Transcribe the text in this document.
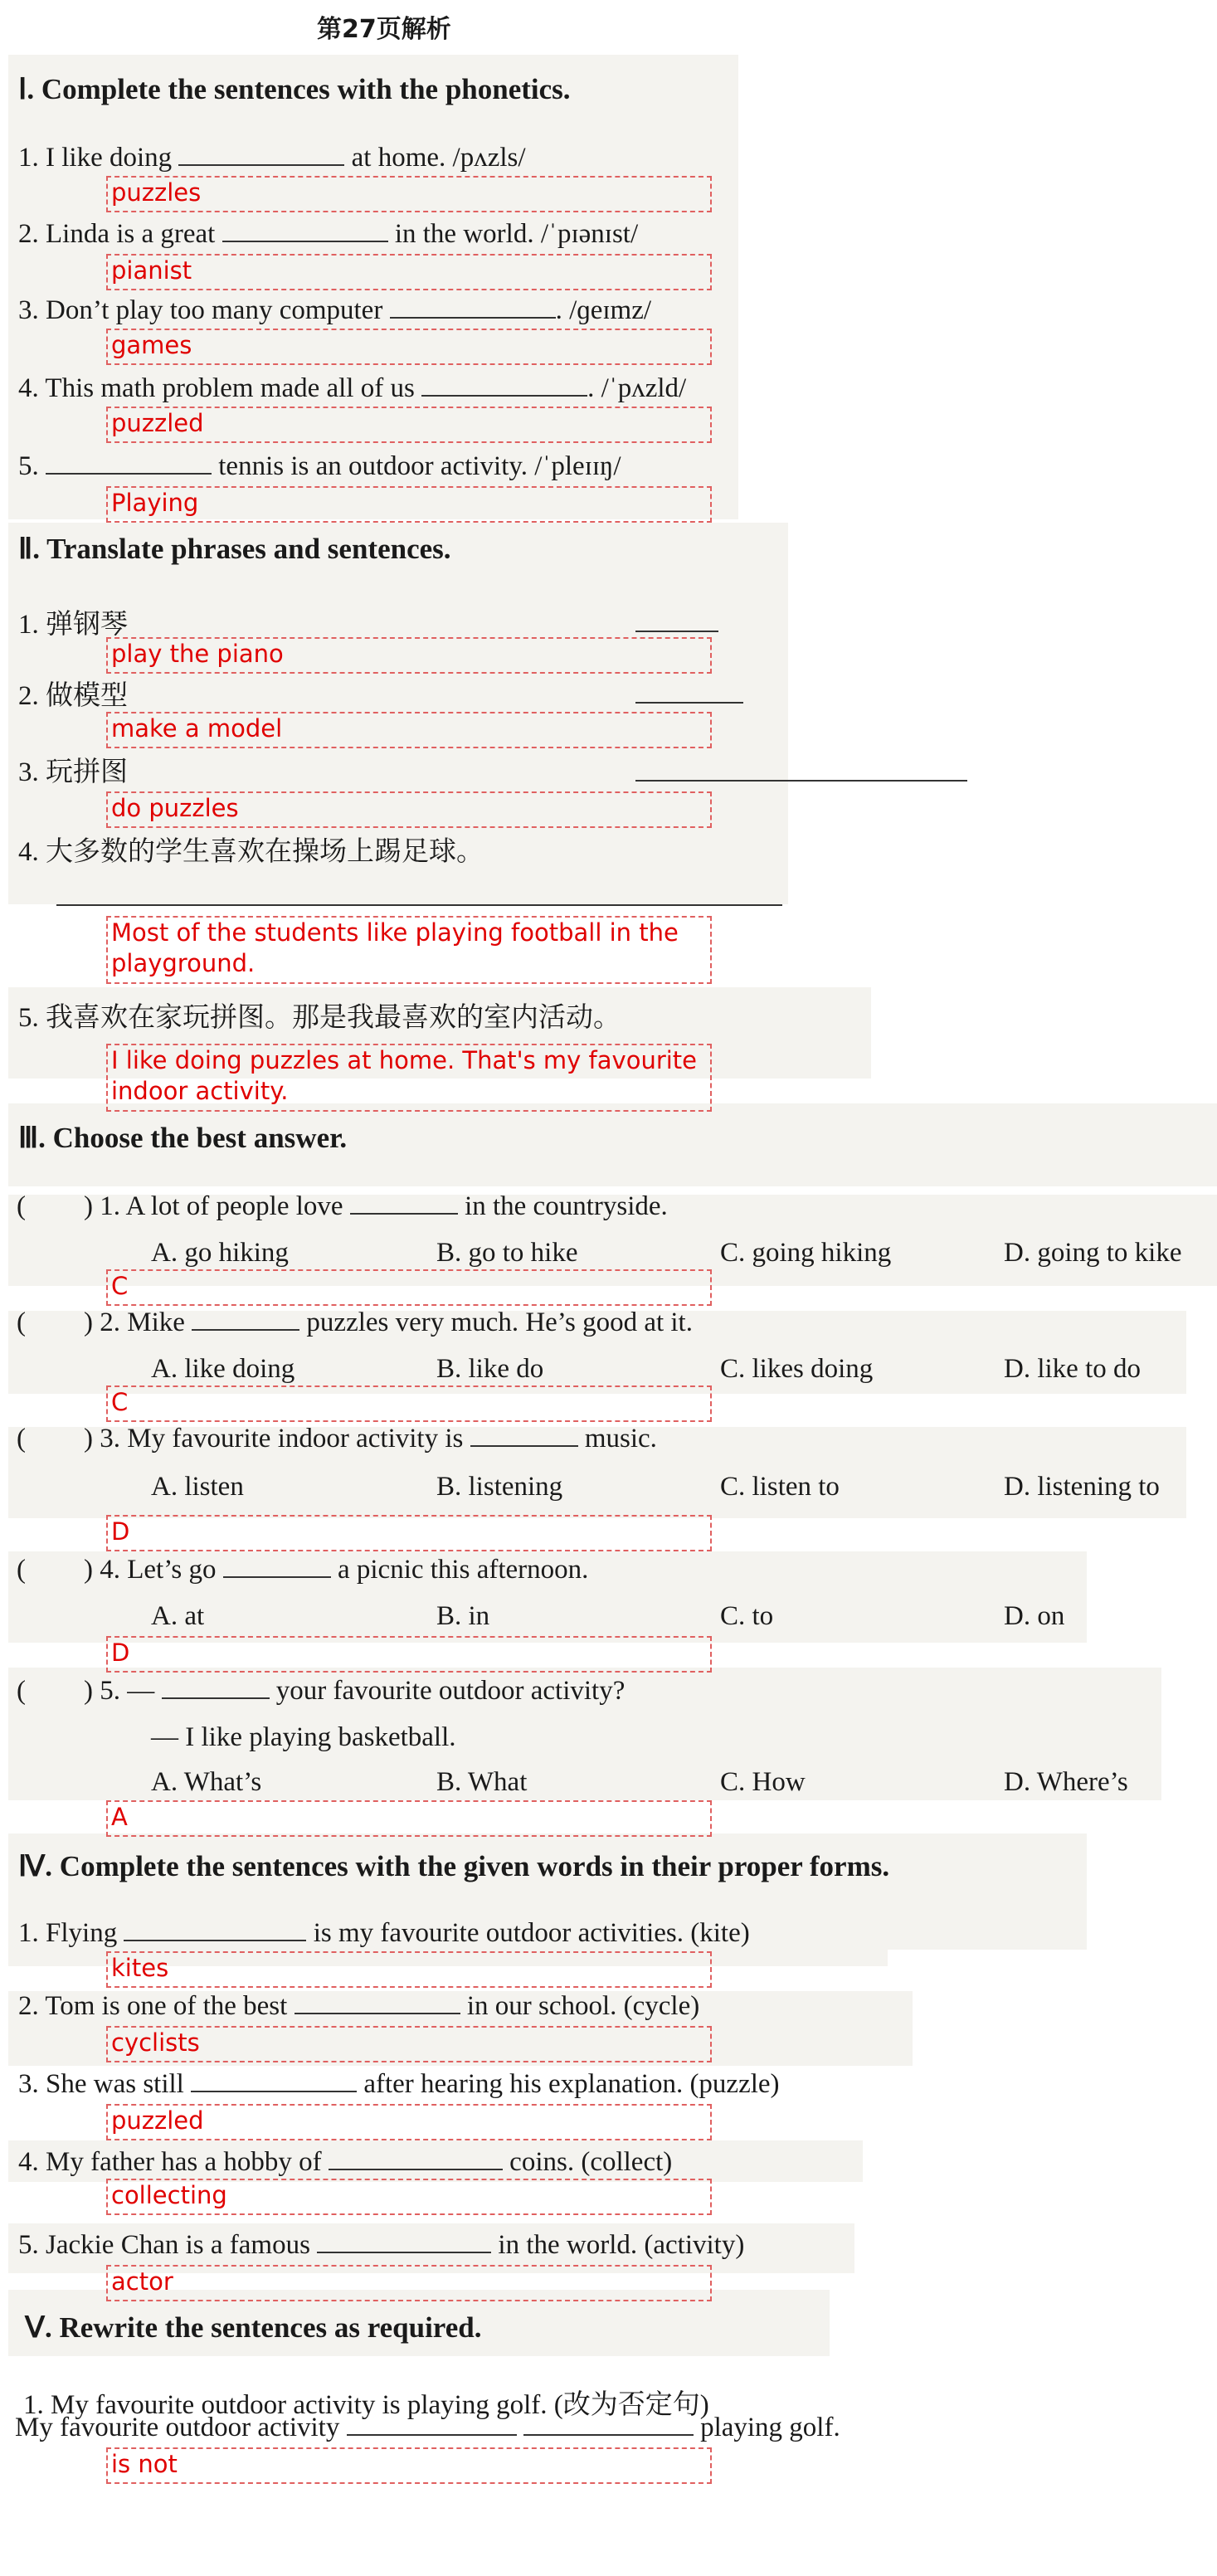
第27页解析
Ⅰ. Complete the sentences with the phonetics.
1. I like doing	at home. /pʌzls/
puzzles
2. Linda is a great	in the world. /ˈpɪənɪst/
pianist
3. Don’t play too many computer	. /ɡeɪmz/
games
4. This math problem made all of us	. /ˈpʌzld/
puzzled
5.	tennis is an outdoor activity. /ˈpleɪɪŋ/
Playing
Ⅱ. Translate phrases and sentences.
1. 弹钢琴
play the piano
2. 做模型
make a model
3. 玩拼图
do puzzles
4. 大多数的学生喜欢在操场上踢足球。
Most of the students like playing football in the playground.
5. 我喜欢在家玩拼图。那是我最喜欢的室内活动。
I like doing puzzles at home. That's my favourite indoor activity.
Ⅲ. Choose the best answer.
( ) 1. A lot of people love	in the countryside.
A. go hiking	B. go to hike	C. going hiking	D. going to kike
C
( ) 2. Mike	puzzles very much. He’s good at it.
A. like doing	B. like do	C. likes doing	D. like to do
C
( ) 3. My favourite indoor activity is	music.
A. listen	B. listening	C. listen to	D. listening to
D
( ) 4. Let’s go	a picnic this afternoon.
A. at	B. in	C. to	D. on
D
( ) 5. —	your favourite outdoor activity?
— I like playing basketball.
A. What’s	B. What	C. How	D. Where’s
A
Ⅳ. Complete the sentences with the given words in their proper forms.
1. Flying	is my favourite outdoor activities. (kite)
kites
2. Tom is one of the best	in our school. (cycle)
cyclists
3. She was still	after hearing his explanation. (puzzle)
puzzled
4. My father has a hobby of	coins. (collect)
collecting
5. Jackie Chan is a famous	in the world. (activity)
actor
Ⅴ. Rewrite the sentences as required.
1. My favourite outdoor activity is playing golf. (改为否定句)
My favourite outdoor activity	playing golf.
is not
